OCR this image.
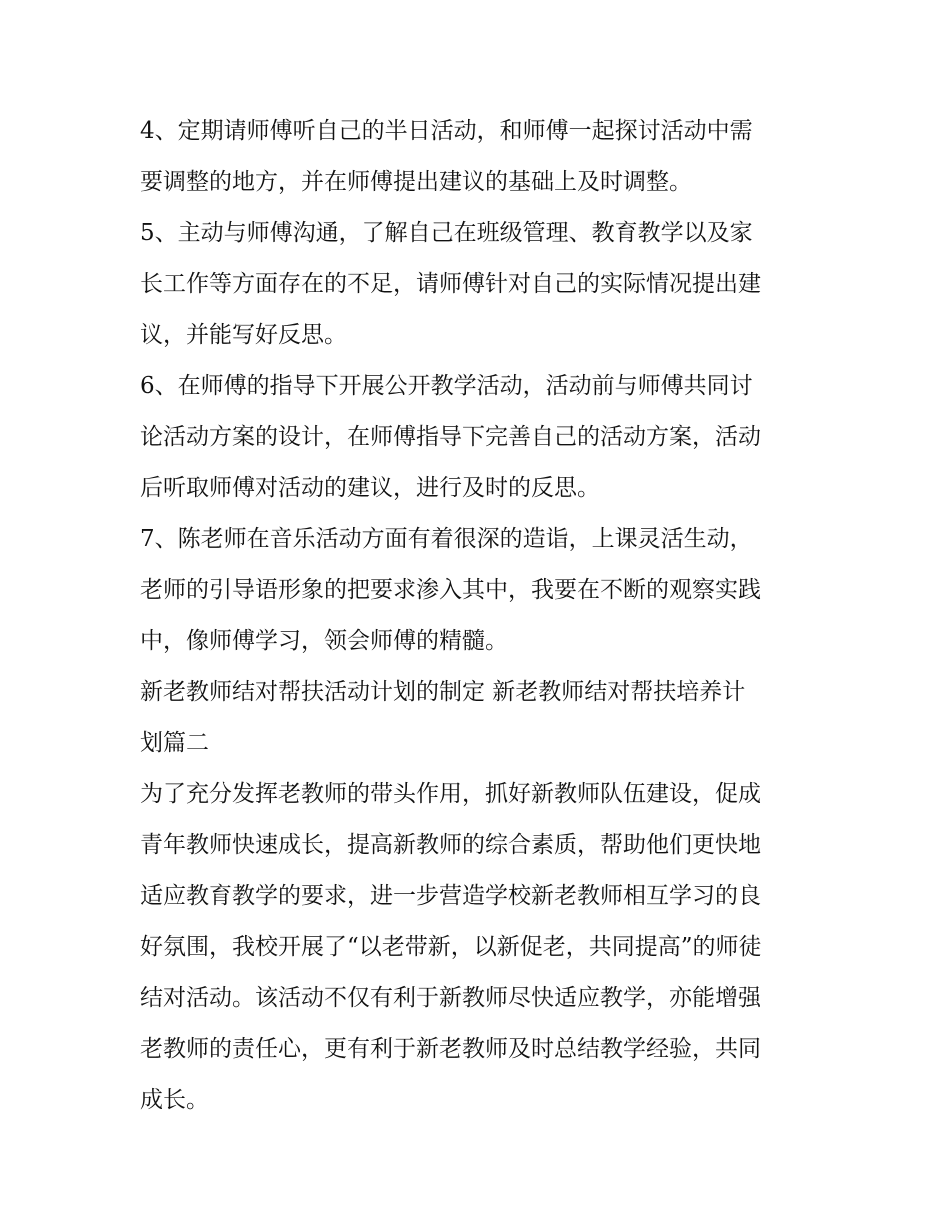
4、定期请师傅听自己的半日活动，和师傅一起探讨活动中需
要调整的地方，并在师傅提出建议的基础上及时调整。
5、主动与师傅沟通，了解自己在班级管理、教育教学以及家
长工作等方面存在的不足，请师傅针对自己的实际情况提出建
议，并能写好反思。
6、在师傅的指导下开展公开教学活动，活动前与师傅共同讨
论活动方案的设计，在师傅指导下完善自己的活动方案，活动
后听取师傅对活动的建议，进行及时的反思。
7、陈老师在音乐活动方面有着很深的造诣，上课灵活生动，
老师的引导语形象的把要求渗入其中，我要在不断的观察实践
中，像师傅学习，领会师傅的精髓。
新老教师结对帮扶活动计划的制定 新老教师结对帮扶培养计
划篇二
为了充分发挥老教师的带头作用，抓好新教师队伍建设，促成
青年教师快速成长，提高新教师的综合素质，帮助他们更快地
适应教育教学的要求，进一步营造学校新老教师相互学习的良
好氛围，我校开展了“以老带新，以新促老，共同提高”的师徒
结对活动。该活动不仅有利于新教师尽快适应教学，亦能增强
老教师的责任心，更有利于新老教师及时总结教学经验，共同
成长。
